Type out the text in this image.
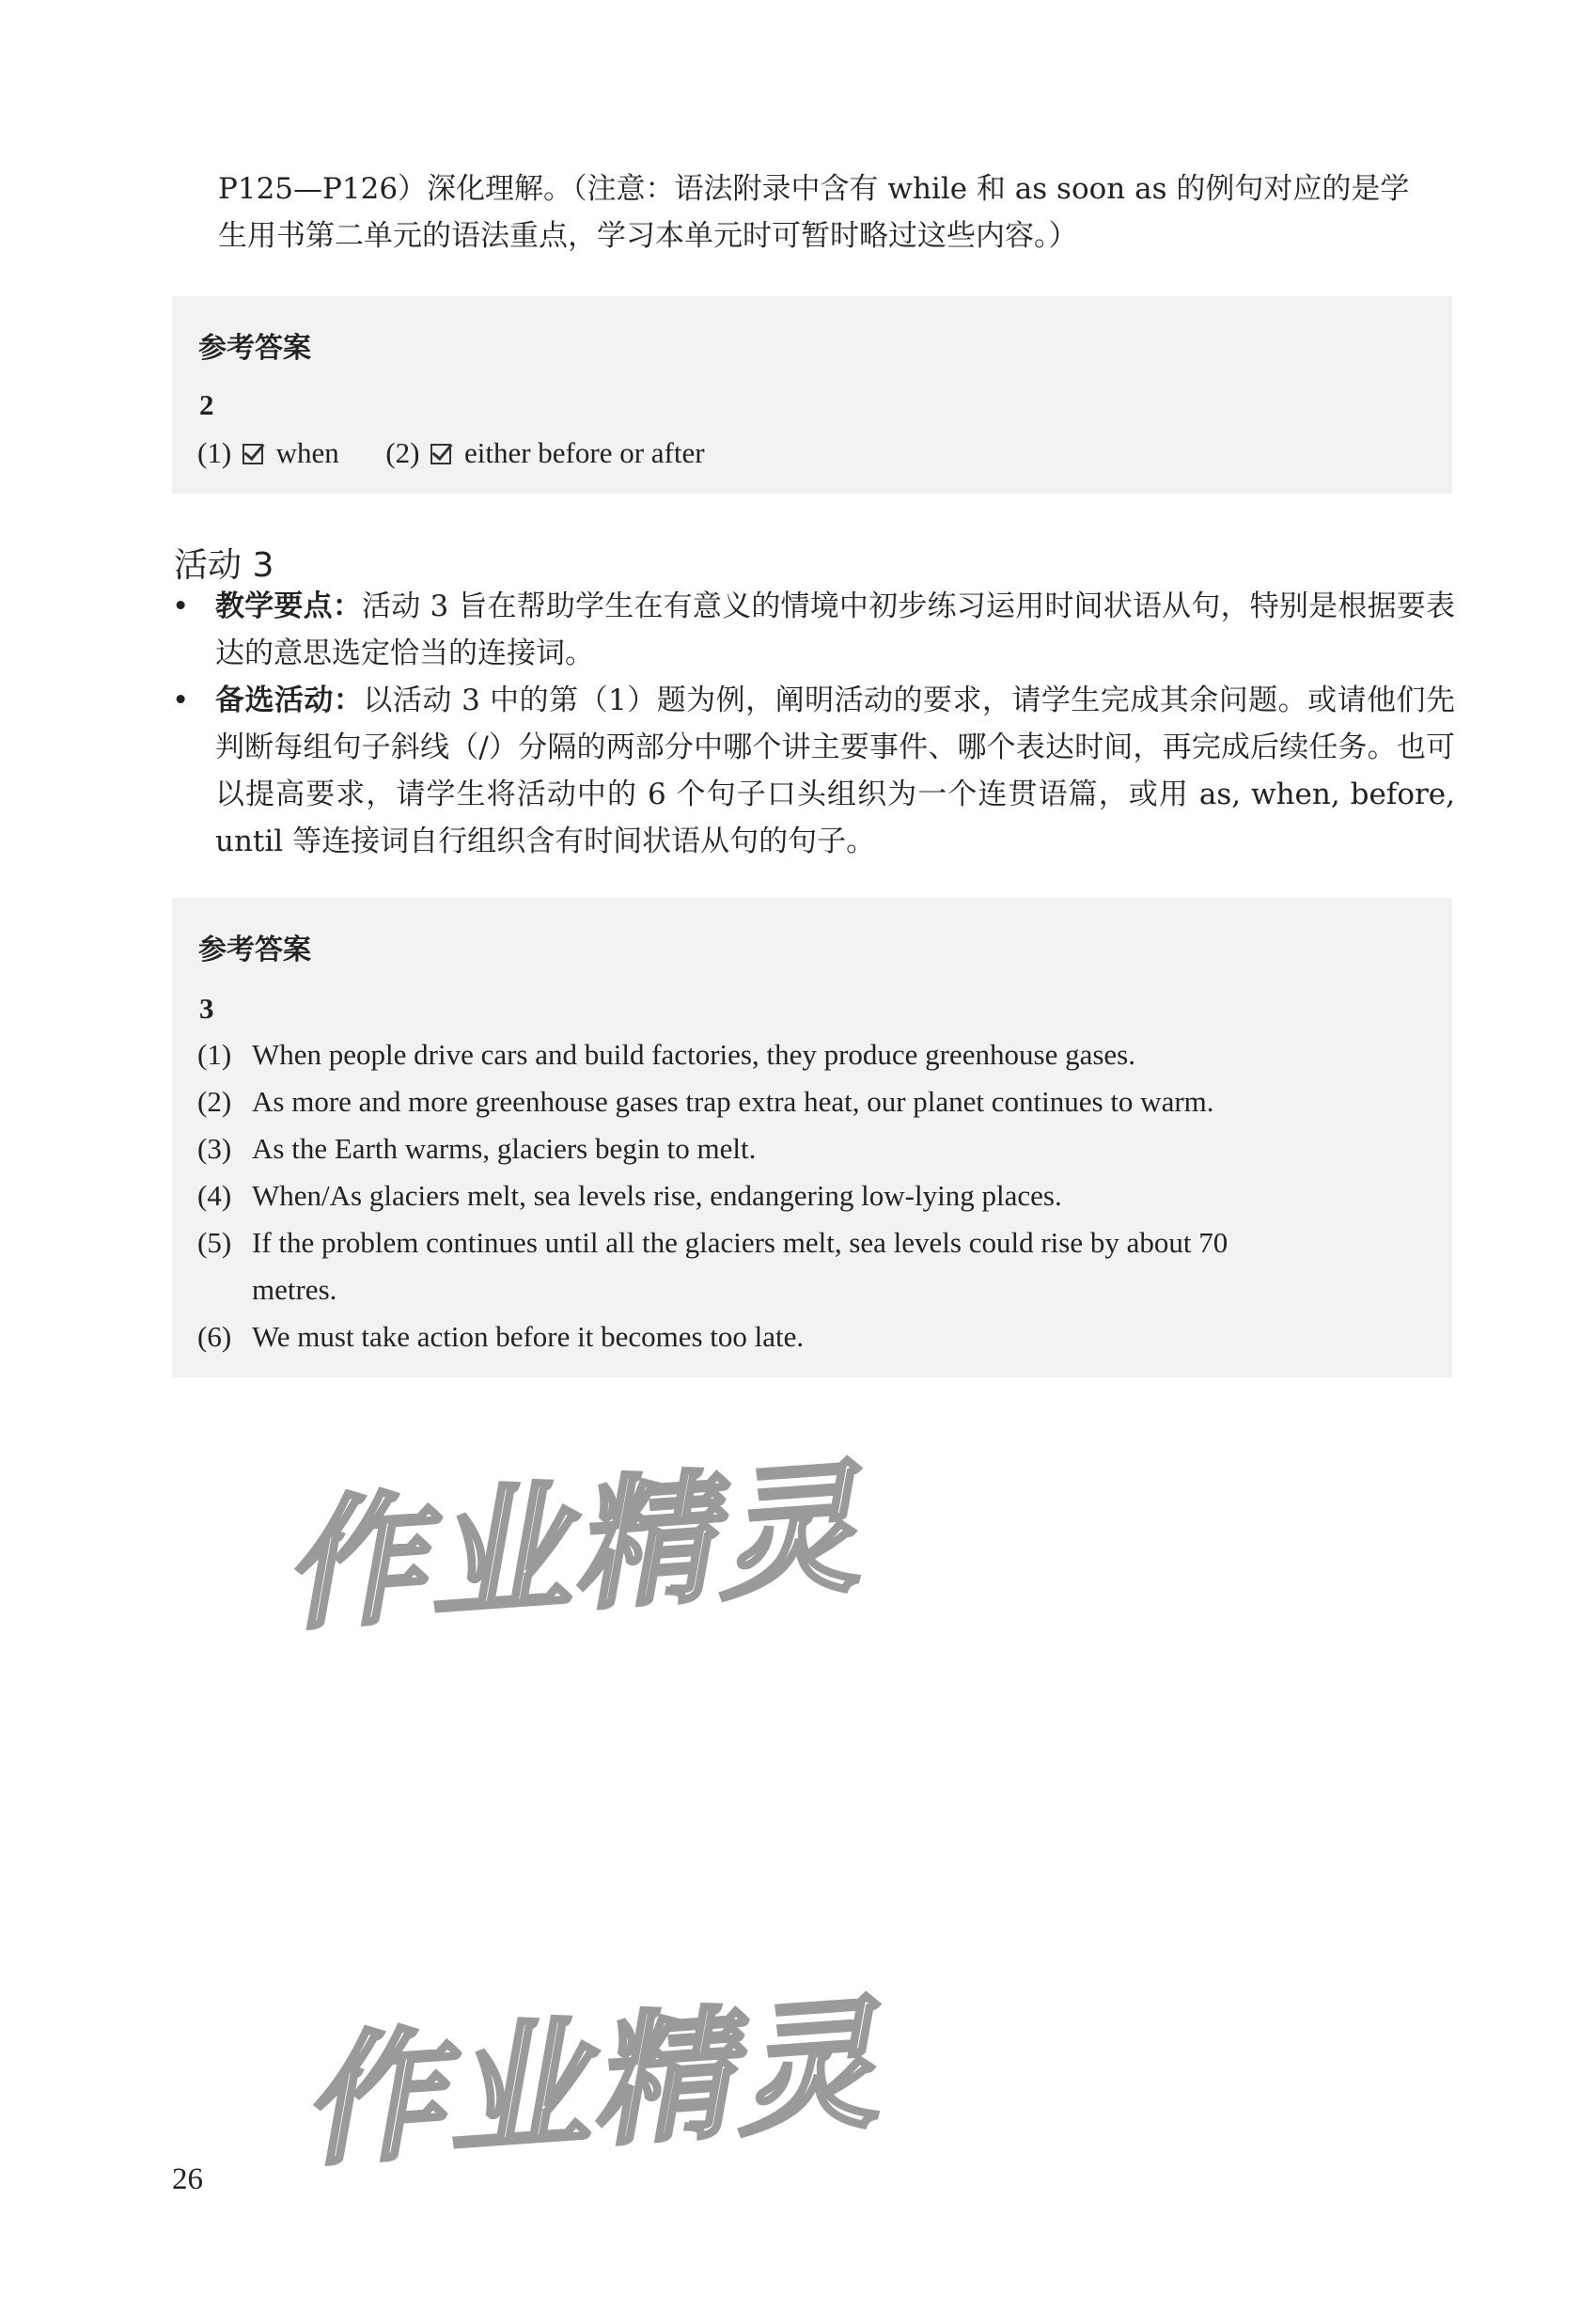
P125—P126）深化理解。（注意：语法附录中含有 while 和 as soon as 的例句对应的是学

生用书第二单元的语法重点，学习本单元时可暂时略过这些内容。）

参考答案
2
(1) when (2) either before or after
活动 3
• 教学要点：活动 3 旨在帮助学生在有意义的情境中初步练习运用时间状语从句，特别是根据要表达的意思选定恰当的连接词。
• 备选活动：以活动 3 中的第（1）题为例，阐明活动的要求，请学生完成其余问题。或请他们先判断每组句子斜线（/）分隔的两部分中哪个讲主要事件、哪个表达时间，再完成后续任务。也可以提高要求，请学生将活动中的 6 个句子口头组织为一个连贯语篇，或用 as, when, before, until 等连接词自行组织含有时间状语从句的句子。
参考答案
3
(1) When people drive cars and build factories, they produce greenhouse gases.
(2) As more and more greenhouse gases trap extra heat, our planet continues to warm.
(3) As the Earth warms, glaciers begin to melt.
(4) When/As glaciers melt, sea levels rise, endangering low-lying places.
(5) If the problem continues until all the glaciers melt, sea levels could rise by about 70
metres.
(6) We must take action before it becomes too late.
作业精灵
作业精灵
26
